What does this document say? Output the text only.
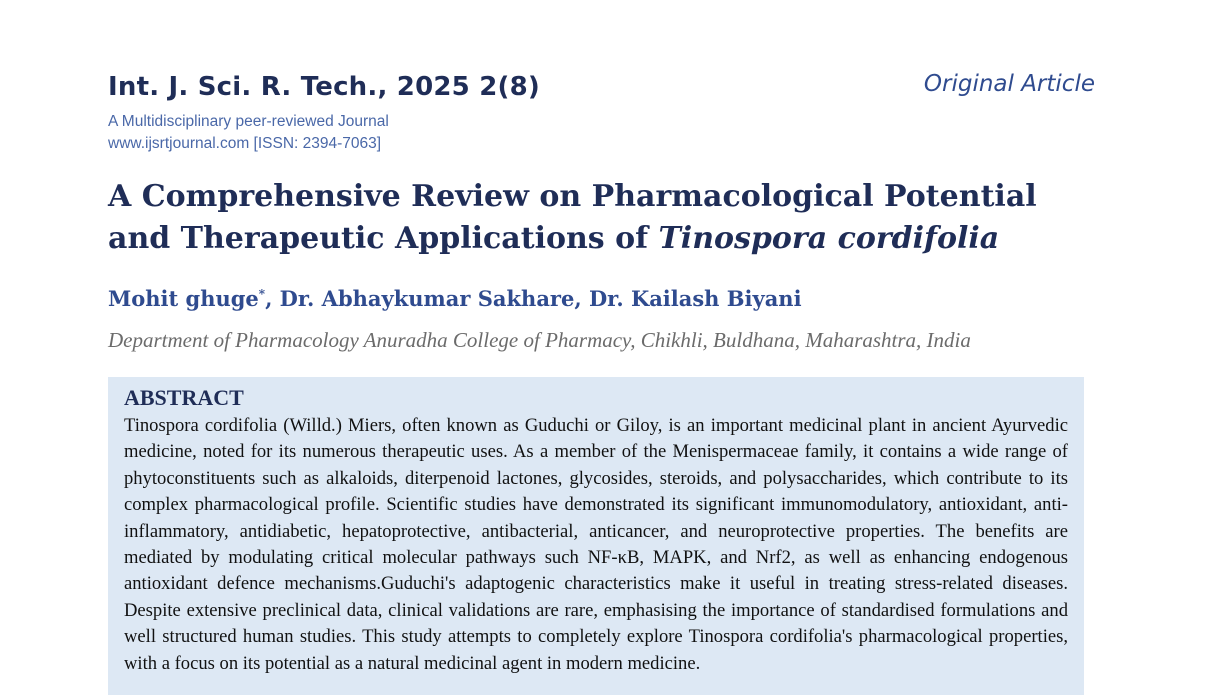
Int. J. Sci. R. Tech., 2025 2(8)
A Multidisciplinary peer-reviewed Journal
www.ijsrtjournal.com [ISSN: 2394-7063]
Original Article
A Comprehensive Review on Pharmacological Potential
and Therapeutic Applications of Tinospora cordifolia
Mohit ghuge*, Dr. Abhaykumar Sakhare, Dr. Kailash Biyani
Department of Pharmacology Anuradha College of Pharmacy, Chikhli, Buldhana, Maharashtra, India
ABSTRACT

Tinospora cordifolia (Willd.) Miers, often known as Guduchi or Giloy, is an important medicinal plant in ancient Ayurvedic medicine, noted for its numerous therapeutic uses. As a member of the Menispermaceae family, it contains a wide range of phytoconstituents such as alkaloids, diterpenoid lactones, glycosides, steroids, and polysaccharides, which contribute to its complex pharmacological profile. Scientific studies have demonstrated its significant immunomodulatory, antioxidant, anti-inflammatory, antidiabetic, hepatoprotective, antibacterial, anticancer, and neuroprotective properties. The benefits are mediated by modulating critical molecular pathways such NF-κB, MAPK, and Nrf2, as well as enhancing endogenous antioxidant defence mechanisms.Guduchi's adaptogenic characteristics make it useful in treating stress-related diseases. Despite extensive preclinical data, clinical validations are rare, emphasising the importance of standardised formulations and well structured human studies. This study attempts to completely explore Tinospora cordifolia's pharmacological properties, with a focus on its potential as a natural medicinal agent in modern medicine.
